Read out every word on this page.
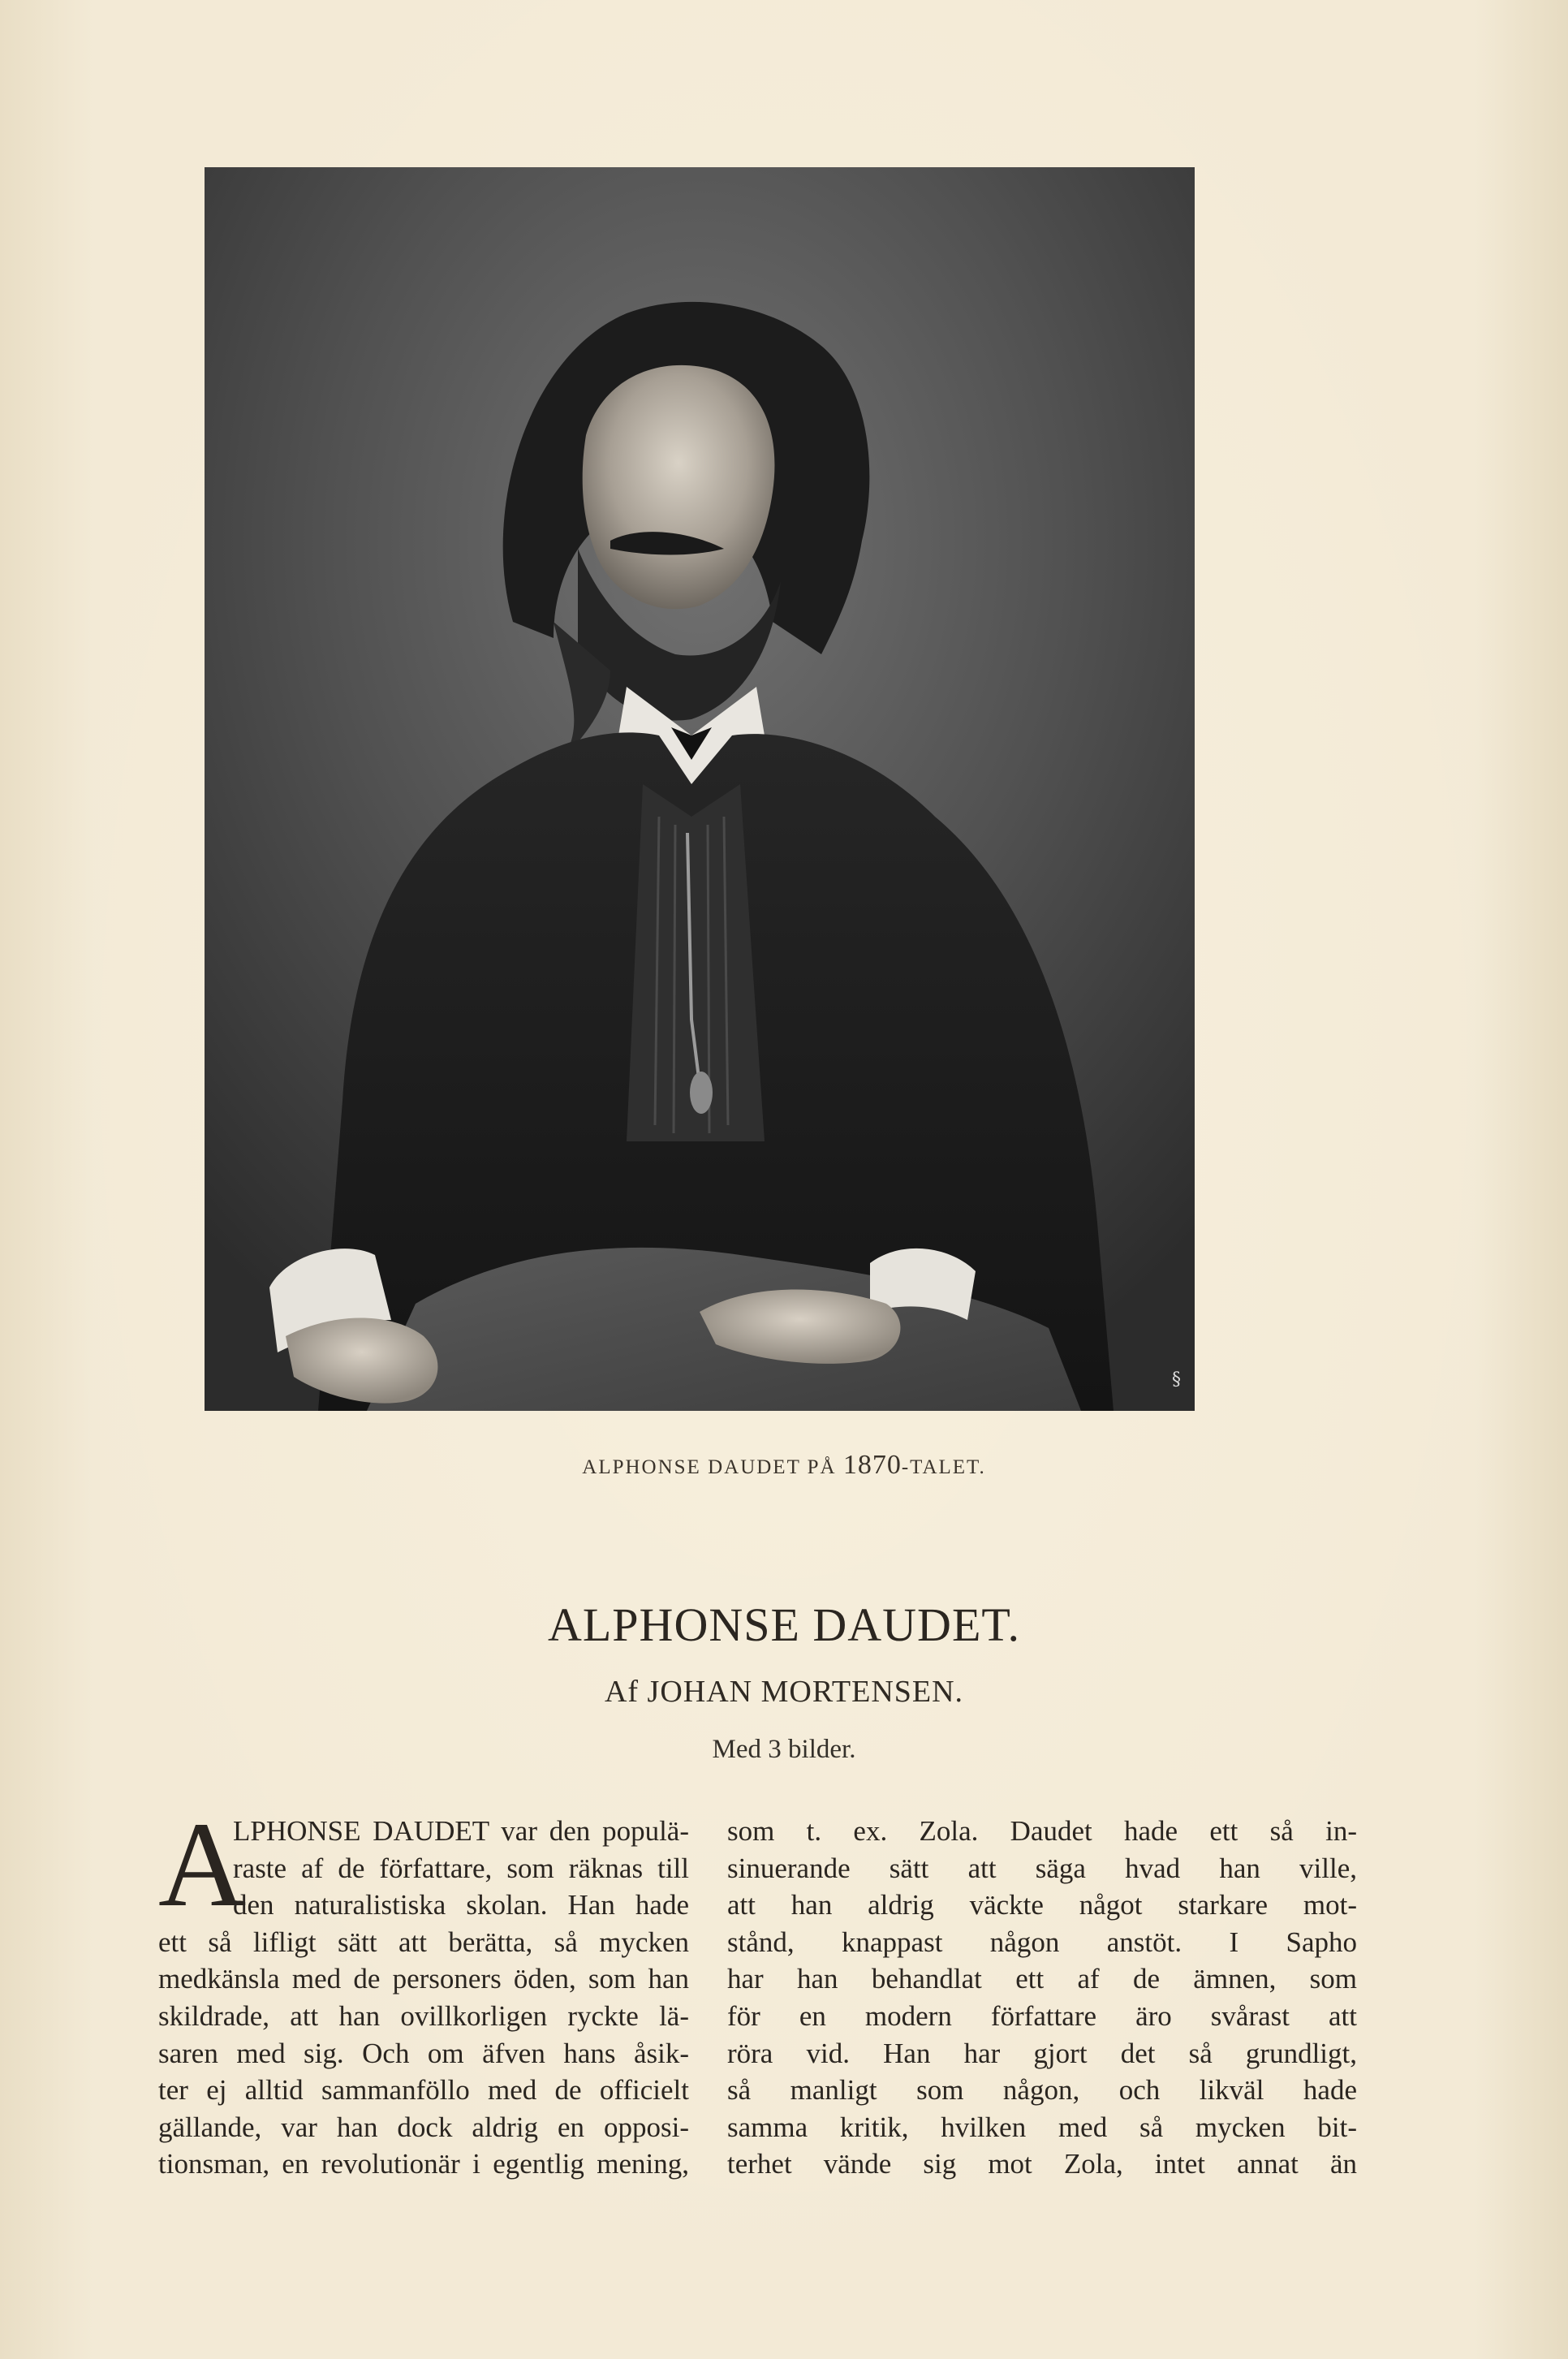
§
ALPHONSE DAUDET PÅ 1870-TALET.
ALPHONSE DAUDET.
Af JOHAN MORTENSEN.
Med 3 bilder.
A
LPHONSE DAUDET var den populä-
raste af de författare, som räknas till
den naturalistiska skolan. Han hade
ett så lifligt sätt att berätta, så mycken
medkänsla med de personers öden, som han
skildrade, att han ovillkorligen ryckte lä-
saren med sig. Och om äfven hans åsik-
ter ej alltid sammanföllo med de officielt
gällande, var han dock aldrig en opposi-
tionsman, en revolutionär i egentlig mening,
som t. ex. Zola. Daudet hade ett så in-
sinuerande sätt att säga hvad han ville,
att han aldrig väckte något starkare mot-
stånd, knappast någon anstöt. I Sapho
har han behandlat ett af de ämnen, som
för en modern författare äro svårast att
röra vid. Han har gjort det så grundligt,
så manligt som någon, och likväl hade
samma kritik, hvilken med så mycken bit-
terhet vände sig mot Zola, intet annat än
